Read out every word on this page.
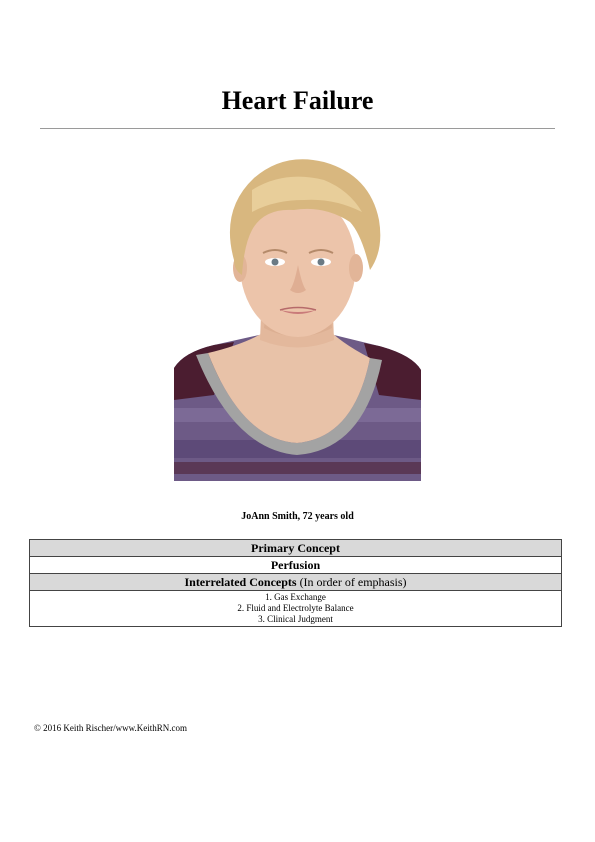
Heart Failure
JoAnn Smith, 72 years old
Primary Concept
Perfusion
Interrelated Concepts (In order of emphasis)

1. Gas Exchange
2. Fluid and Electrolyte Balance
3. Clinical Judgment
© 2016 Keith Rischer/www.KeithRN.com
